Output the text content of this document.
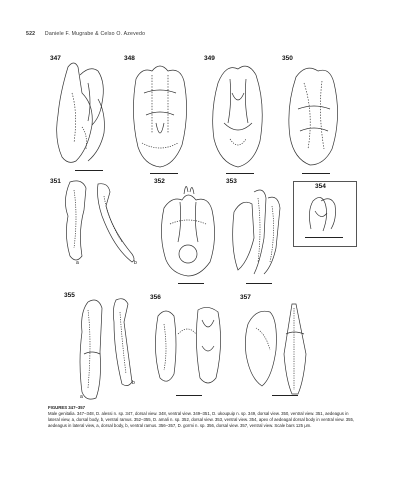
522 Daniele F. Mugrabe & Celso O. Azevedo
347	348	349	350
351
a	b
352	353
354
355
a
b
356	357
FIGURES 347–357
Male genitalia. 347–348, D. alessi n. sp. 347, dorsal view. 348, ventral view. 349–351, D. ukoupuip n. sp. 349, dorsal view. 350, ventral view. 351, aedeagus in lateral view, a, dorsal body, b, ventral ramus. 352–355, D. amali n. sp. 352, dorsal view. 353, ventral view. 354, apex of aedeagal dorsal body in ventral view. 355, aedeagus in lateral view, a, dorsal body, b, ventral ramus. 356–357, D. gormi n. sp. 356, dorsal view. 357, ventral view. Scale bars 125 μm.
